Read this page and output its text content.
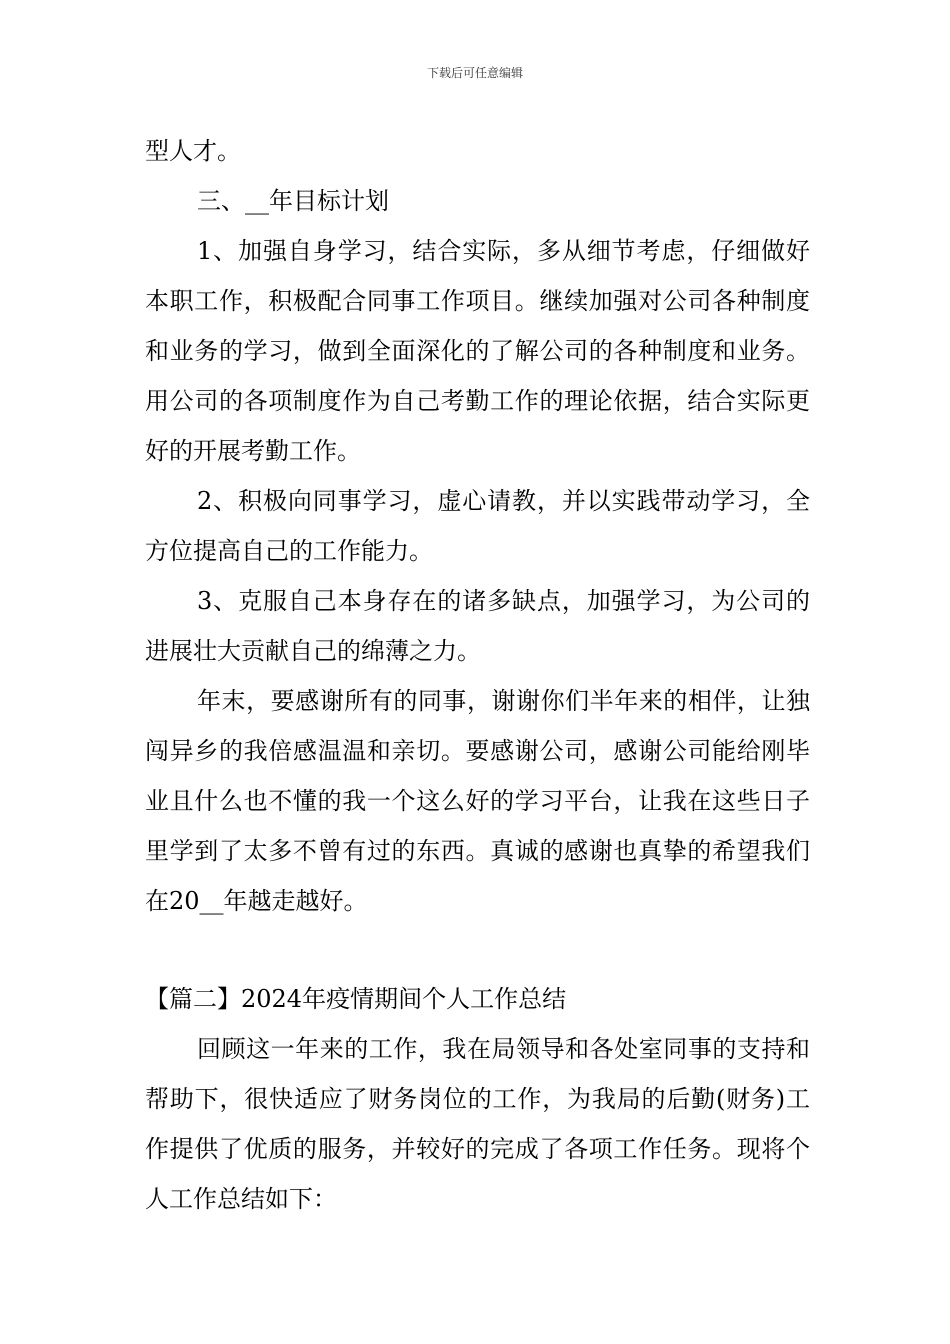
下载后可任意编辑

型人才。

三、__年目标计划

1、加强自身学习，结合实际，多从细节考虑，仔细做好本职工作，积极配合同事工作项目。继续加强对公司各种制度和业务的学习，做到全面深化的了解公司的各种制度和业务。用公司的各项制度作为自己考勤工作的理论依据，结合实际更好的开展考勤工作。

2、积极向同事学习，虚心请教，并以实践带动学习，全方位提高自己的工作能力。

3、克服自己本身存在的诸多缺点，加强学习，为公司的进展壮大贡献自己的绵薄之力。

年末，要感谢所有的同事，谢谢你们半年来的相伴，让独闯异乡的我倍感温温和亲切。要感谢公司，感谢公司能给刚毕业且什么也不懂的我一个这么好的学习平台，让我在这些日子里学到了太多不曾有过的东西。真诚的感谢也真挚的希望我们在20__年越走越好。

【篇二】2024年疫情期间个人工作总结

回顾这一年来的工作，我在局领导和各处室同事的支持和帮助下，很快适应了财务岗位的工作，为我局的后勤(财务)工作提供了优质的服务，并较好的完成了各项工作任务。现将个人工作总结如下：
